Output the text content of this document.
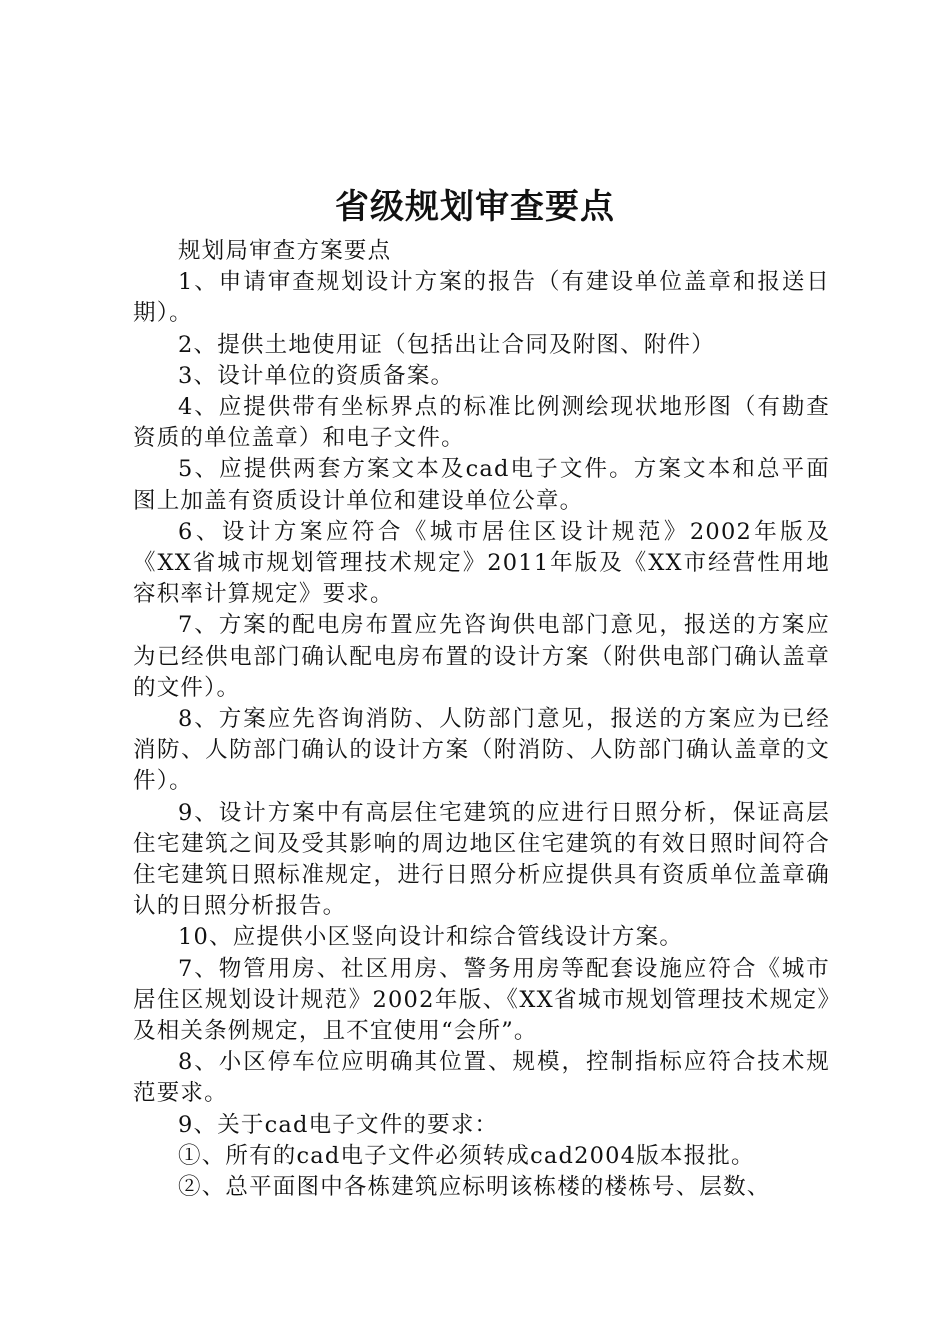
省级规划审查要点

规划局审查方案要点

1、申请审查规划设计方案的报告（有建设单位盖章和报送日期）。

2、提供土地使用证（包括出让合同及附图、附件）

3、设计单位的资质备案。

4、应提供带有坐标界点的标准比例测绘现状地形图（有勘查资质的单位盖章）和电子文件。

5、应提供两套方案文本及cad电子文件。方案文本和总平面图上加盖有资质设计单位和建设单位公章。

6、设计方案应符合《城市居住区设计规范》2002年版及《XX省城市规划管理技术规定》2011年版及《XX市经营性用地容积率计算规定》要求。

7、方案的配电房布置应先咨询供电部门意见，报送的方案应为已经供电部门确认配电房布置的设计方案（附供电部门确认盖章的文件）。

8、方案应先咨询消防、人防部门意见，报送的方案应为已经消防、人防部门确认的设计方案（附消防、人防部门确认盖章的文件）。

9、设计方案中有高层住宅建筑的应进行日照分析，保证高层住宅建筑之间及受其影响的周边地区住宅建筑的有效日照时间符合住宅建筑日照标准规定，进行日照分析应提供具有资质单位盖章确认的日照分析报告。

10、应提供小区竖向设计和综合管线设计方案。

7、物管用房、社区用房、警务用房等配套设施应符合《城市居住区规划设计规范》2002年版、《XX省城市规划管理技术规定》及相关条例规定，且不宜使用“会所”。

8、小区停车位应明确其位置、规模，控制指标应符合技术规范要求。

9、关于cad电子文件的要求：

①、所有的cad电子文件必须转成cad2004版本报批。

②、总平面图中各栋建筑应标明该栋楼的楼栋号、层数、
